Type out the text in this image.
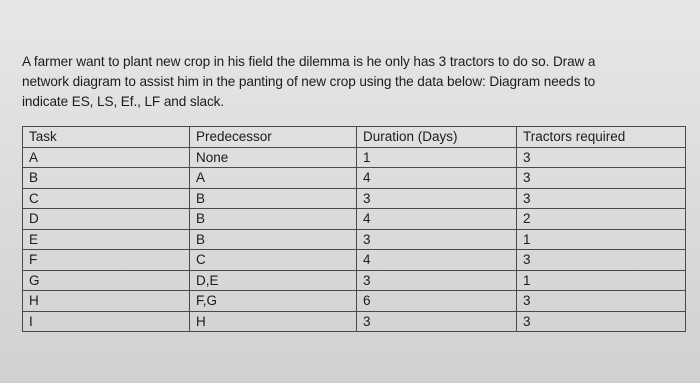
A farmer want to plant new crop in his field the dilemma is he only has 3 tractors to do so. Draw a
network diagram to assist him in the panting of new crop using the data below: Diagram needs to
indicate ES, LS, Ef., LF and slack.
Task	Predecessor	Duration (Days)	Tractors required
A	None	1	3
B	A	4	3
C	B	3	3
D	B	4	2
E	B	3	1
F	C	4	3
G	D,E	3	1
H	F,G	6	3
I	H	3	3
